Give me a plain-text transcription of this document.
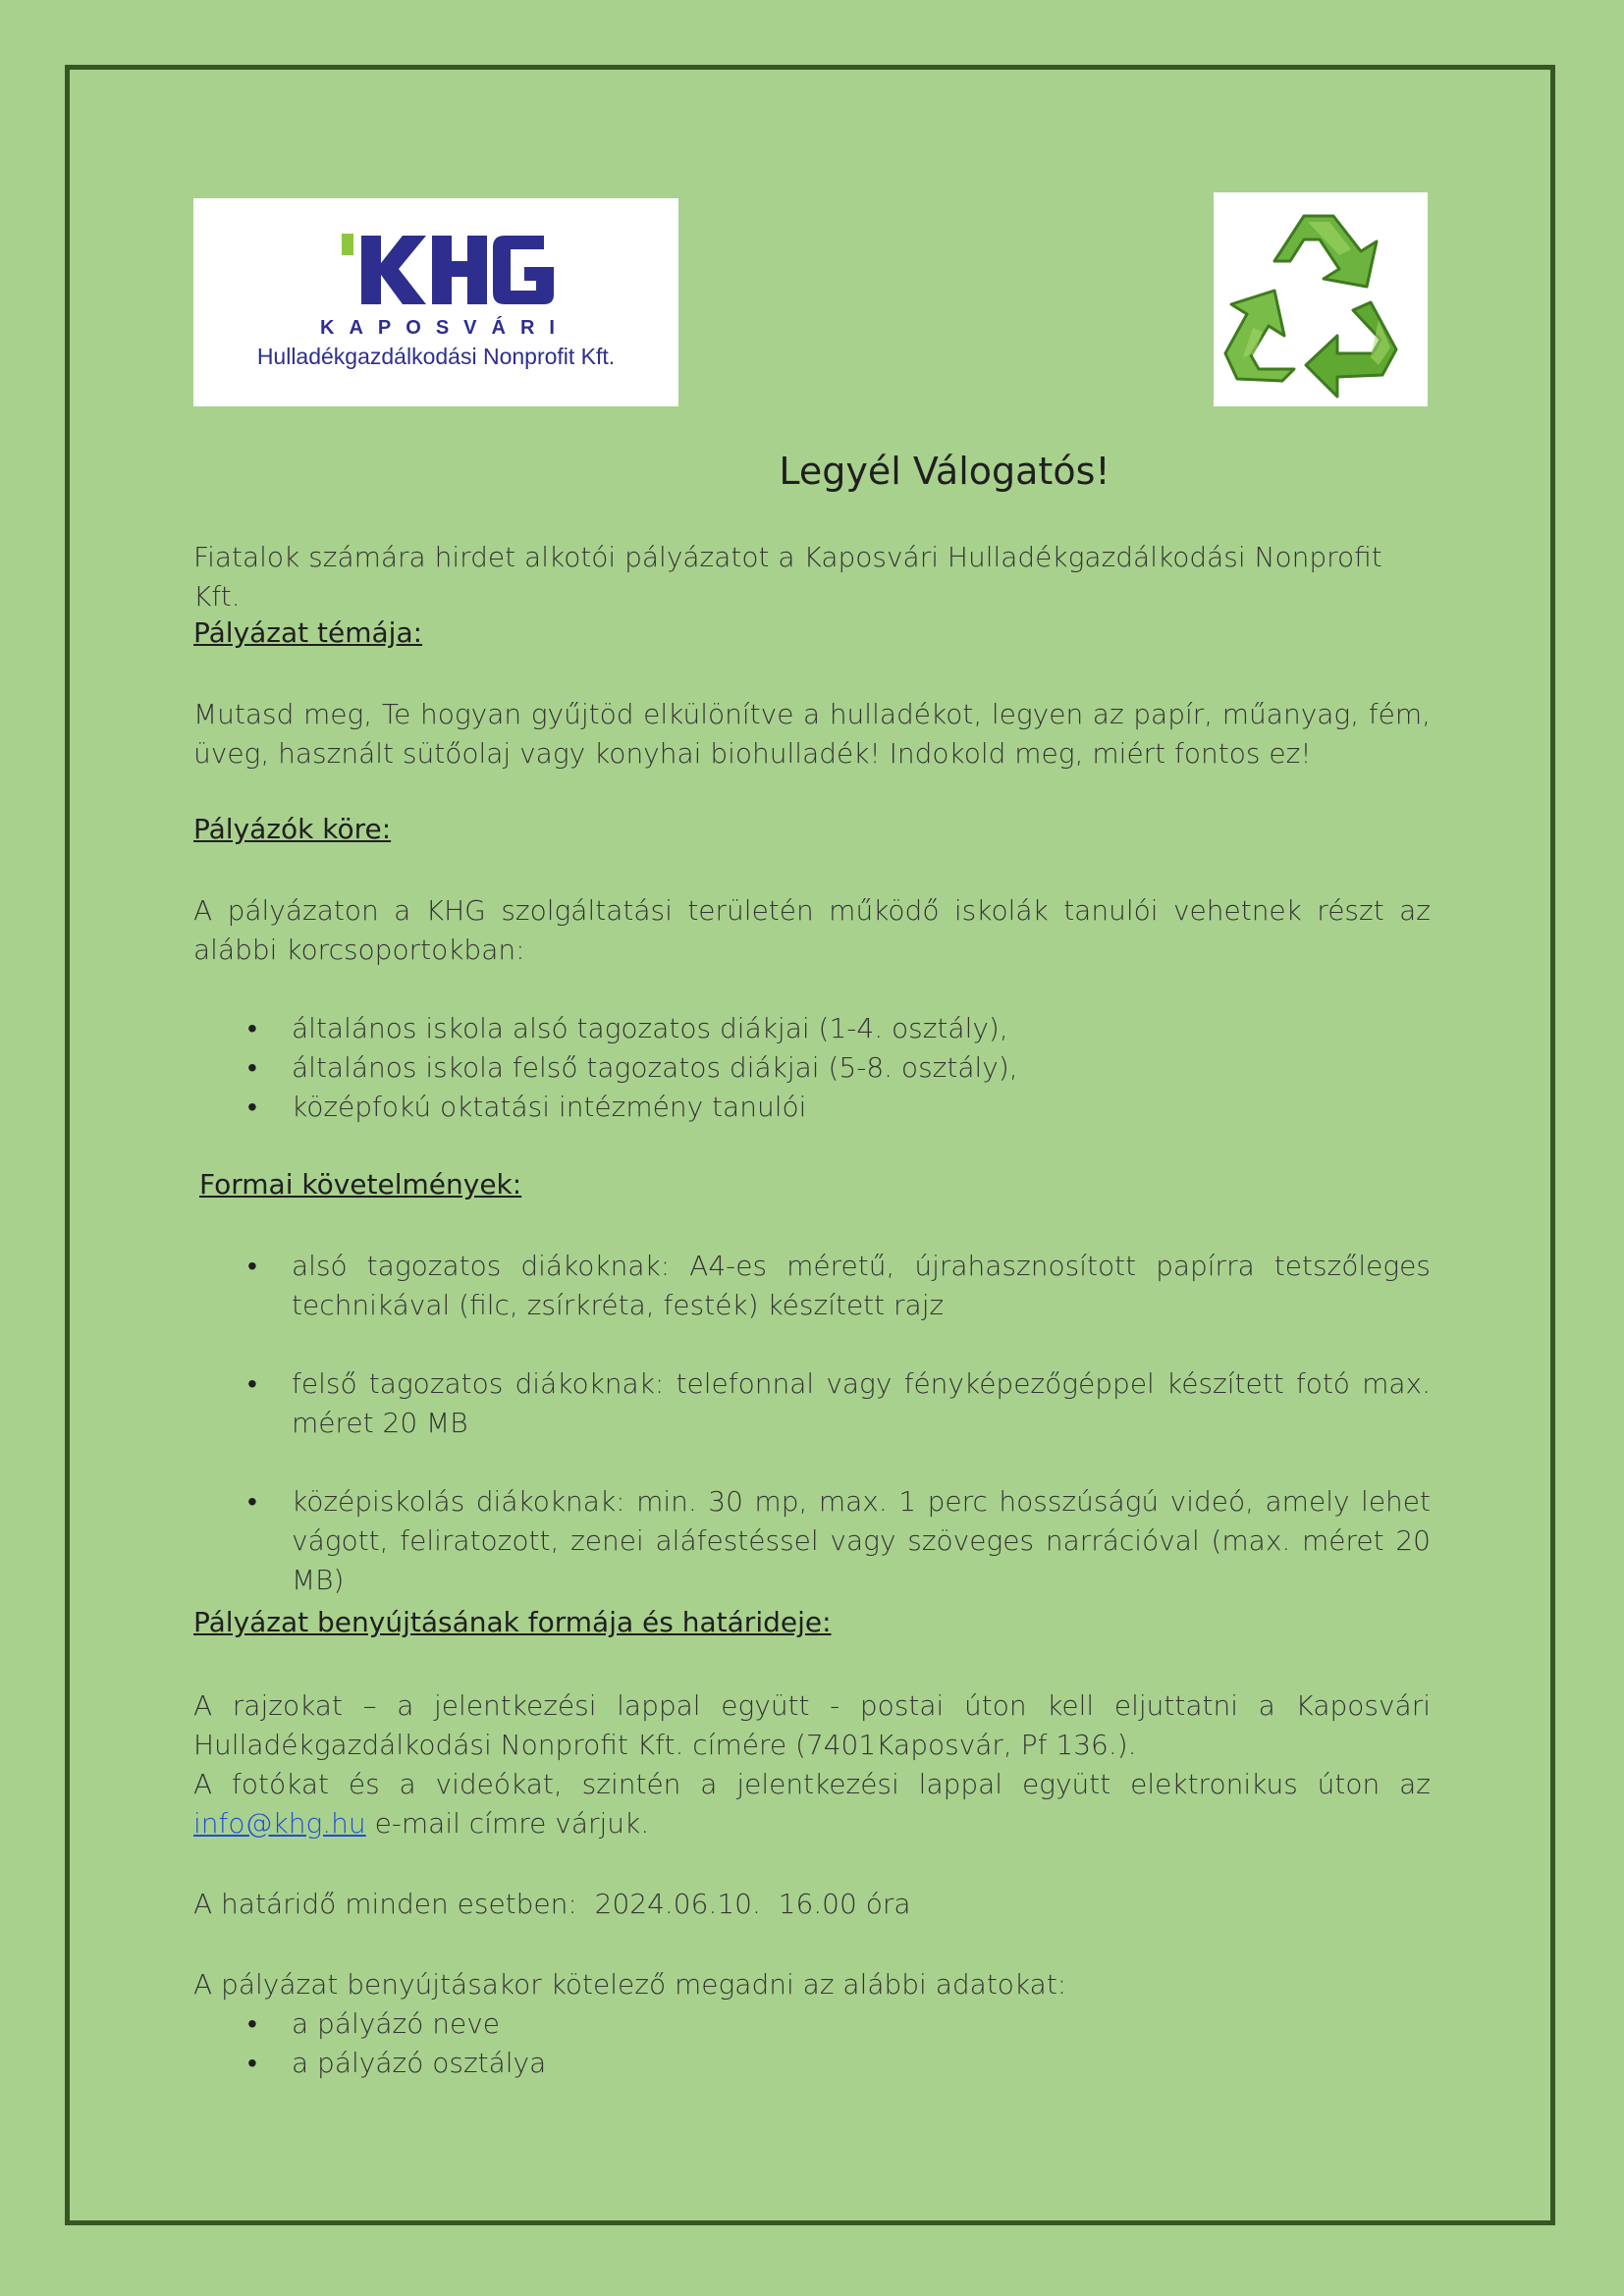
KAPOSVÁRI
Hulladékgazdálkodási Nonprofit Kft.
Legyél Válogatós!
Fiatalok számára hirdet alkotói pályázatot a Kaposvári Hulladékgazdálkodási Nonprofit Kft.
Pályázat témája:
Mutasd meg, Te hogyan gyűjtöd elkülönítve a hulladékot, legyen az papír, műanyag, fém, üveg, használt sütőolaj vagy konyhai biohulladék! Indokold meg, miért fontos ez!
Pályázók köre:
A pályázaton a KHG szolgáltatási területén működő iskolák tanulói vehetnek részt az alábbi korcsoportokban:
• általános iskola alsó tagozatos diákjai (1-4. osztály),
• általános iskola felső tagozatos diákjai (5-8. osztály),
• középfokú oktatási intézmény tanulói
Formai követelmények:
• alsó tagozatos diákoknak: A4-es méretű, újrahasznosított papírra tetszőleges technikával (filc, zsírkréta, festék) készített rajz
• felső tagozatos diákoknak: telefonnal vagy fényképezőgéppel készített fotó max. méret 20 MB
• középiskolás diákoknak: min. 30 mp, max. 1 perc hosszúságú videó, amely lehet vágott, feliratozott, zenei aláfestéssel vagy szöveges narrációval (max. méret 20 MB)
Pályázat benyújtásának formája és határideje:
A rajzokat – a jelentkezési lappal együtt - postai úton kell eljuttatni a Kaposvári Hulladékgazdálkodási Nonprofit Kft. címére (7401Kaposvár, Pf 136.).
A fotókat és a videókat, szintén a jelentkezési lappal együtt elektronikus úton az info@khg.hu e-mail címre várjuk.
A határidő minden esetben:  2024.06.10.  16.00 óra
A pályázat benyújtásakor kötelező megadni az alábbi adatokat:
• a pályázó neve
• a pályázó osztálya
